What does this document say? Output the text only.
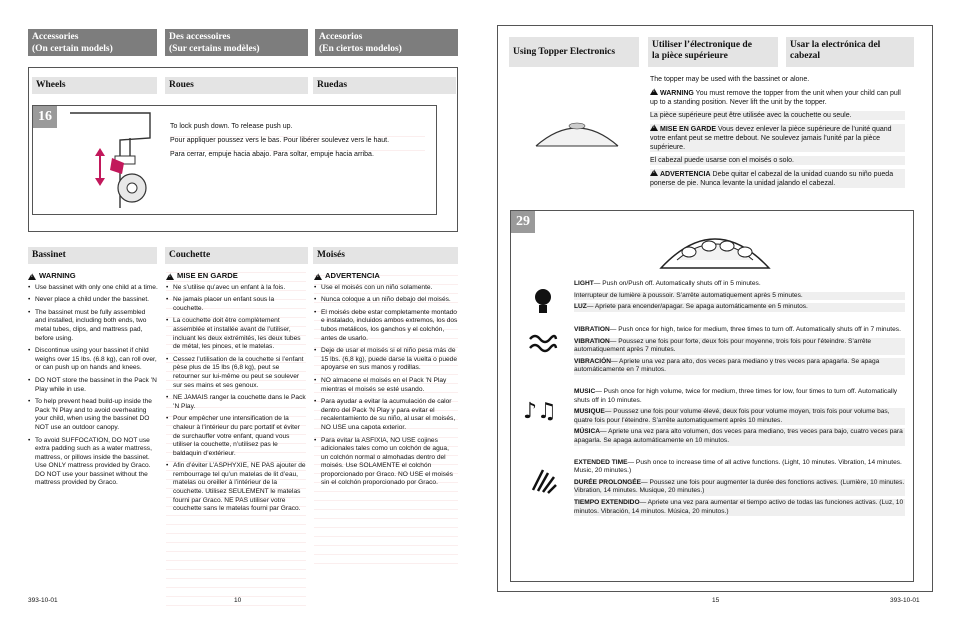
Accessories
(On certain models)
Des accessoires
(Sur certains modèles)
Accesorios
(En ciertos modelos)
Wheels	Roues	Ruedas
16
To lock push down. To release push up.
Pour appliquer poussez vers le bas. Pour libérer soulevez vers le haut.
Para cerrar, empuje hacia abajo. Para soltar, empuje hacia arriba.
Bassinet	Couchette	Moisés
!
WARNING
• Use bassinet with only one child at a time.
• Never place a child under the bassinet.
• The bassinet must be fully assembled and installed, including both ends, two metal tubes, clips, and mattress pad, before using.
• Discontinue using your bassinet if child weighs over 15 lbs. (6.8 kg), can roll over, or can push up on hands and knees.
• DO NOT store the bassinet in the Pack ’N Play while in use.
• To help prevent head build-up inside the Pack ’N Play and to avoid overheating your child, when using the bassinet DO NOT use an outdoor canopy.
• To avoid SUFFOCATION, DO NOT use extra padding such as a water mattress, mattress, or pillows inside the bassinet. Use ONLY mattress provided by Graco. DO NOT use your bassinet without the mattress provided by Graco.
!
MISE EN GARDE
• Ne s’utilise qu’avec un enfant à la fois.
• Ne jamais placer un enfant sous la couchette.
• La couchette doit être complètement assemblée et installée avant de l’utiliser, incluant les deux extrémités, les deux tubes de métal, les pinces, et le matelas.
• Cessez l’utilisation de la couchette si l’enfant pèse plus de 15 lbs (6,8 kg), peut se retourner sur lui-même ou peut se soulever sur ses mains et ses genoux.
• NE JAMAIS ranger la couchette dans le Pack ’N Play.
• Pour empêcher une intensification de la chaleur à l’intérieur du parc portatif et éviter de surchauffer votre enfant, quand vous utiliser la couchette, n’utilisez pas le baldaquin d’extérieur.
• Afin d’éviter L’ASPHYXIE, NE PAS ajouter de rembourrage tel qu’un matelas de lit d’eau, matelas ou oreiller à l’intérieur de la couchette. Utilisez SEULEMENT le matelas fourni par Graco. NE PAS utiliser votre couchette sans le matelas fourni par Graco.
!
ADVERTENCIA
• Use el moisés con un niño solamente.
• Nunca coloque a un niño debajo del moisés.
• El moisés debe estar completamente montado e instalado, incluidos ambos extremos, los dos tubos metálicos, los ganchos y el colchón, antes de usarlo.
• Deje de usar el moisés si el niño pesa más de 15 lbs. (6,8 kg), puede darse la vuelta o puede apoyarse en sus manos y rodillas.
• NO almacene el moisés en el Pack ’N Play mientras el moisés se esté usando.
• Para ayudar a evitar la acumulación de calor dentro del Pack ’N Play y para evitar el recalentamiento de su niño, al usar el moisés, NO USE una capota exterior.
• Para evitar la ASFIXIA, NO USE cojines adicionales tales como un colchón de agua, un colchón normal o almohadas dentro del moisés. Use SOLAMENTE el colchón proporcionado por Graco. NO USE el moisés sin el colchón proporcionado por Graco.
393-10-01	10
Using Topper Electronics
Utiliser l’électronique de
la pièce supérieure
Usar la electrónica del
cabezal
The topper may be used with the bassinet or alone.
!WARNING You must remove the topper from the unit when your child can pull up to a standing position. Never lift the unit by the topper.
La pièce supérieure peut être utilisée avec la couchette ou seule.
!MISE EN GARDE Vous devez enlever la pièce supérieure de l’unité quand votre enfant peut se mettre debout. Ne soulevez jamais l’unité par la pièce supérieure.
El cabezal puede usarse con el moisés o solo.
!ADVERTENCIA Debe quitar el cabezal de la unidad cuando su niño pueda ponerse de pie. Nunca levante la unidad jalando el cabezal.
29
LIGHT— Push on/Push off. Automatically shuts off in 5 minutes.
Interrupteur de lumière à poussoir. S’arrête automatiquement après 5 minutes.
LUZ— Apriete para encender/apagar. Se apaga automáticamente en 5 minutos.
VIBRATION— Push once for high, twice for medium, three times to turn off. Automatically shuts off in 7 minutes.
VIBRATION— Poussez une fois pour forte, deux fois pour moyenne, trois fois pour l’éteindre. S’arrête automatiquement après 7 minutes.
VIBRACIÓN— Apriete una vez para alto, dos veces para mediano y tres veces para apagarla. Se apaga automáticamente en 7 minutos.
♪♫
MUSIC— Push once for high volume, twice for medium, three times for low, four times to turn off. Automatically shuts off in 10 minutes.
MUSIQUE— Poussez une fois pour volume élevé, deux fois pour volume moyen, trois fois pour volume bas, quatre fois pour l’éteindre. S’arrête automatiquement après 10 minutes.
MÚSICA— Apriete una vez para alto volumen, dos veces para mediano, tres veces para bajo, cuatro veces para apagarla. Se apaga automáticamente en 10 minutos.
EXTENDED TIME— Push once to increase time of all active functions. (Light, 10 minutes. Vibration, 14 minutes. Music, 20 minutes.)
DURÉE PROLONGÉE— Poussez une fois pour augmenter la durée des fonctions actives. (Lumière, 10 minutes. Vibration, 14 minutes. Musique, 20 minutes.)
TIEMPO EXTENDIDO— Apriete una vez para aumentar el tiempo activo de todas las funciones activas. (Luz, 10 minutos. Vibración, 14 minutos. Música, 20 minutos.)
15	393-10-01
